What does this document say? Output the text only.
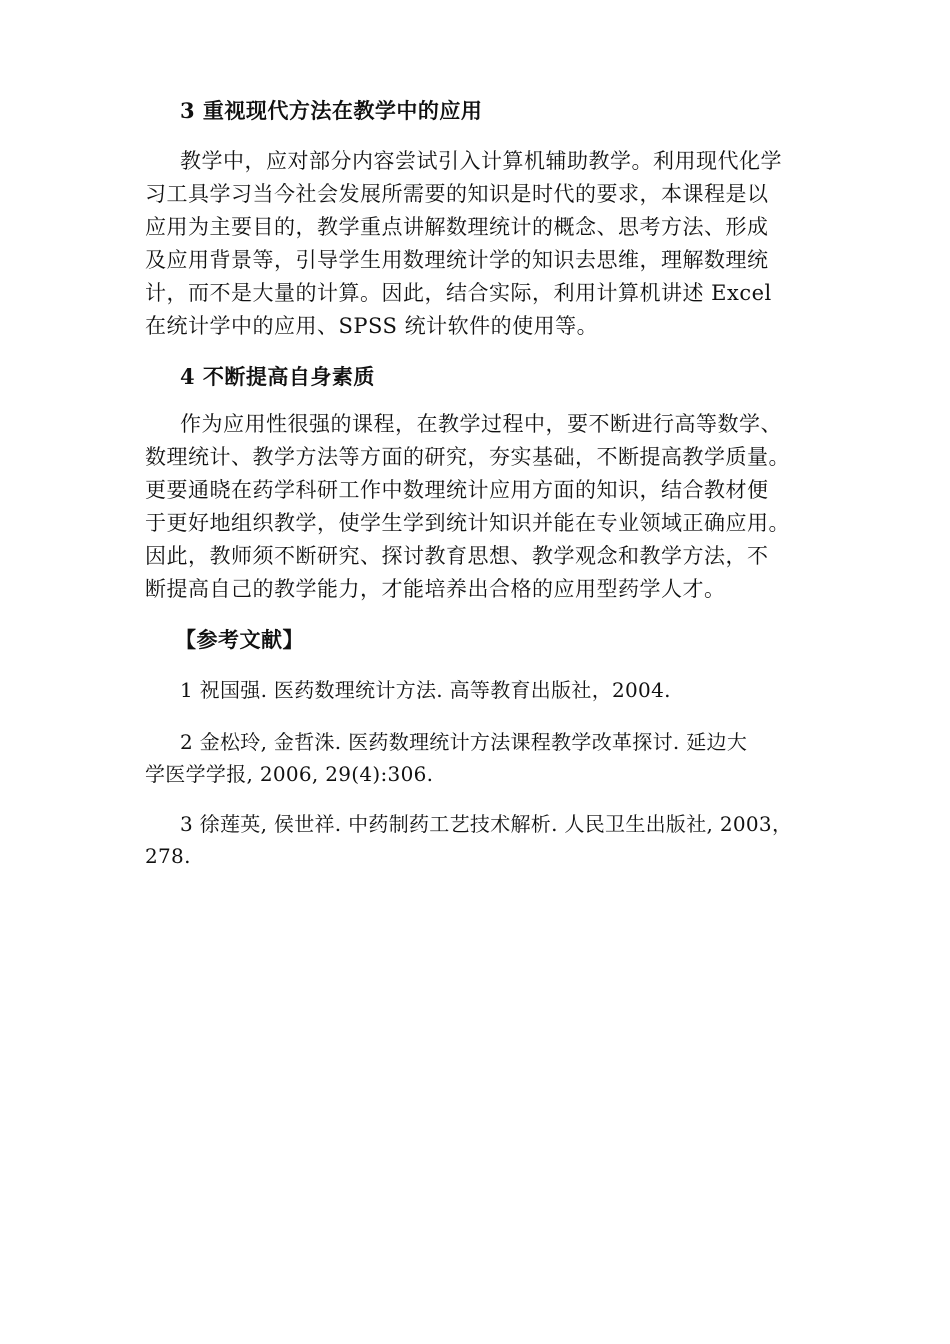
3 重视现代方法在教学中的应用
教学中，应对部分内容尝试引入计算机辅助教学。利用现代化学
习工具学习当今社会发展所需要的知识是时代的要求，本课程是以
应用为主要目的，教学重点讲解数理统计的概念、思考方法、形成
及应用背景等，引导学生用数理统计学的知识去思维，理解数理统
计，而不是大量的计算。因此，结合实际，利用计算机讲述 Excel
在统计学中的应用、SPSS 统计软件的使用等。
4 不断提高自身素质
作为应用性很强的课程，在教学过程中，要不断进行高等数学、
数理统计、教学方法等方面的研究，夯实基础，不断提高教学质量。
更要通晓在药学科研工作中数理统计应用方面的知识，结合教材便
于更好地组织教学，使学生学到统计知识并能在专业领域正确应用。
因此，教师须不断研究、探讨教育思想、教学观念和教学方法，不
断提高自己的教学能力，才能培养出合格的应用型药学人才。
【参考文献】
1 祝国强. 医药数理统计方法. 高等教育出版社，2004.
2 金松玲, 金哲洙. 医药数理统计方法课程教学改革探讨. 延边大
学医学学报, 2006, 29(4):306.
3 徐莲英, 侯世祥. 中药制药工艺技术解析. 人民卫生出版社, 2003，
278.
